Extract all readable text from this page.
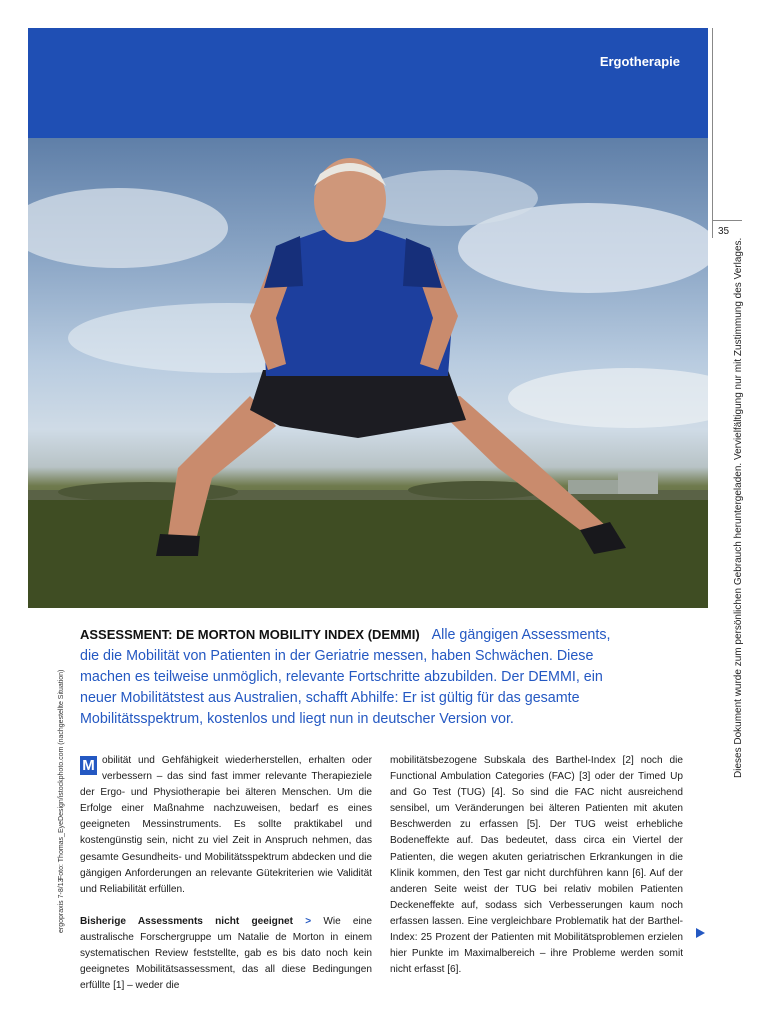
Ergotherapie
35
Dieses Dokument wurde zum persönlichen Gebrauch heruntergeladen. Vervielfältigung nur mit Zustimmung des Verlages.
ergopraxis 7-8/13
Foto: Thomas_EyeDesign/istockphoto.com (nachgestellte Situation)
ASSESSMENT: DE MORTON MOBILITY INDEX (DEMMI) Alle gängigen Assessments, die die Mobilität von Patienten in der Geriatrie messen, haben Schwächen. Diese machen es teilweise unmöglich, relevante Fortschritte abzubilden. Der DEMMI, ein neuer Mobilitätstest aus Australien, schafft Abhilfe: Er ist gültig für das gesamte Mobilitätsspektrum, kostenlos und liegt nun in deutscher Version vor.

M obilität und Gehfähigkeit wiederherstellen, erhalten oder verbessern – das sind fast immer relevante Therapieziele der Ergo- und Physiotherapie bei älteren Menschen. Um die Erfolge einer Maßnahme nachzuweisen, bedarf es eines geeigneten Messinstruments. Es sollte praktikabel und kostengünstig sein, nicht zu viel Zeit in Anspruch nehmen, das gesamte Gesundheits- und Mobilitätsspektrum abdecken und die gängigen Anforderungen an relevante Gütekriterien wie Validität und Reliabilität erfüllen.

Bisherige Assessments nicht geeignet > Wie eine australische Forschergruppe um Natalie de Morton in einem systematischen Review feststellte, gab es bis dato noch kein geeignetes Mobilitätsassessment, das all diese Bedingungen erfüllte [1] – weder die

mobilitätsbezogene Subskala des Barthel-Index [2] noch die Functional Ambulation Categories (FAC) [3] oder der Timed Up and Go Test (TUG) [4]. So sind die FAC nicht ausreichend sensibel, um Veränderungen bei älteren Patienten mit akuten Beschwerden zu erfassen [5]. Der TUG weist erhebliche Bodeneffekte auf. Das bedeutet, dass circa ein Viertel der Patienten, die wegen akuten geriatrischen Erkrankungen in die Klinik kommen, den Test gar nicht durchführen kann [6]. Auf der anderen Seite weist der TUG bei relativ mobilen Patienten Deckeneffekte auf, sodass sich Verbesserungen kaum noch erfassen lassen. Eine vergleichbare Problematik hat der Barthel-Index: 25 Prozent der Patienten mit Mobilitätsproblemen erzielen hier Punkte im Maximalbereich – ihre Probleme werden somit nicht erfasst [6].
